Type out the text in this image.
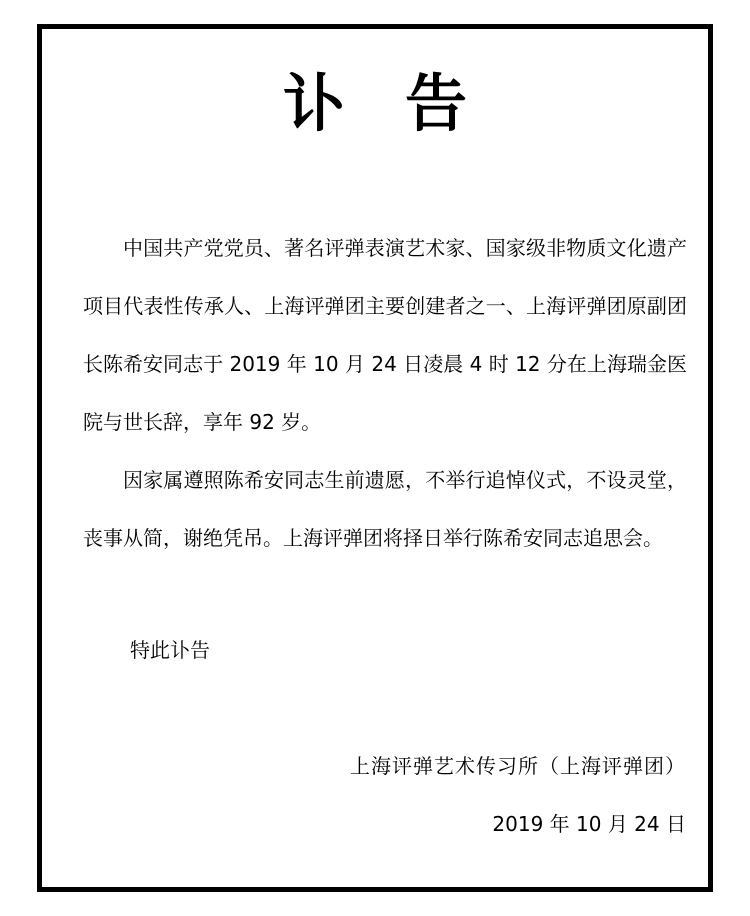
讣告

中国共产党党员、著名评弹表演艺术家、国家级非物质文化遗产项目代表性传承人、上海评弹团主要创建者之一、上海评弹团原副团长陈希安同志于 2019 年 10 月 24 日凌晨 4 时 12 分在上海瑞金医院与世长辞，享年 92 岁。

因家属遵照陈希安同志生前遗愿，不举行追悼仪式，不设灵堂，丧事从简，谢绝凭吊。上海评弹团将择日举行陈希安同志追思会。

特此讣告
上海评弹艺术传习所（上海评弹团）
2019 年 10 月 24 日
